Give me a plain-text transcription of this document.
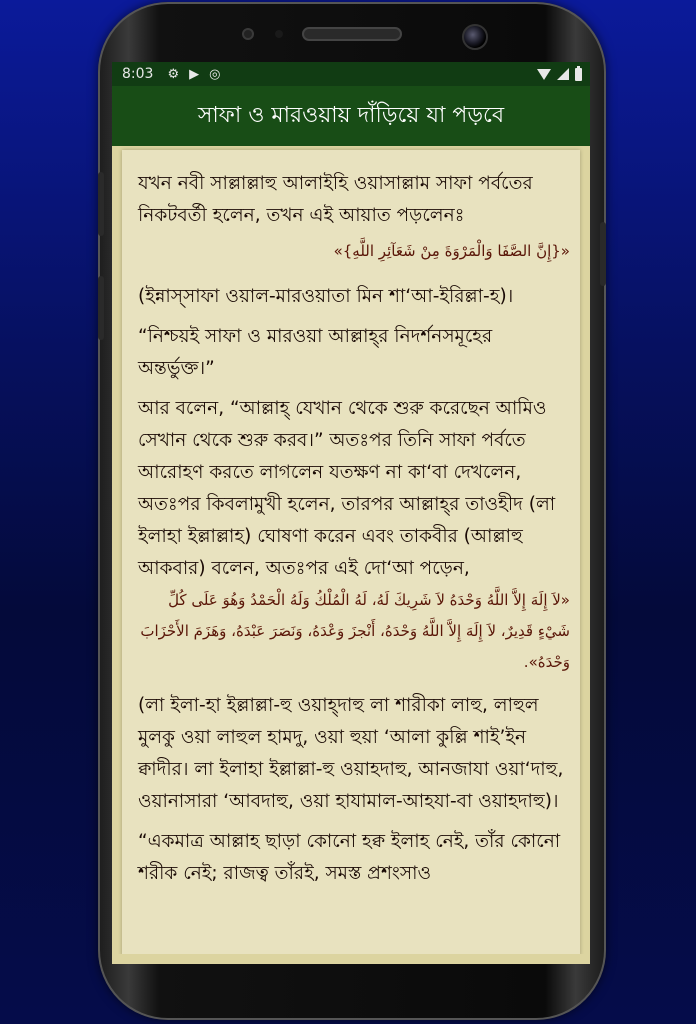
8:03 ⚙ ▶ ◎
সাফা ও মারওয়ায় দাঁড়িয়ে যা পড়বে
যখন নবী সাল্লাল্লাহু আলাইহি ওয়াসাল্লাম সাফা পর্বতের নিকটবর্তী হলেন, তখন এই আয়াত পড়লেনঃ
«{إِنَّ الصَّفَا وَالْمَرْوَةَ مِنْ شَعَآئِرِ اللَّهِ}»
(ইন্নাস্সাফা ওয়াল-মারওয়াতা মিন শা‘আ-ইরিল্লা-হ)।
“নিশ্চয়ই সাফা ও মারওয়া আল্লাহ্‌র নিদর্শনসমূহের অন্তর্ভুক্ত।”
আর বলেন, “আল্লাহ্‌ যেখান থেকে শুরু করেছেন আমিও সেখান থেকে শুরু করব।” অতঃপর তিনি সাফা পর্বতে আরোহণ করতে লাগলেন যতক্ষণ না কা‘বা দেখলেন, অতঃপর কিবলামুখী হলেন, তারপর আল্লাহ্‌র তাওহীদ (লা ইলাহা ইল্লাল্লাহ) ঘোষণা করেন এবং তাকবীর (আল্লাহু আকবার) বলেন, অতঃপর এই দো‘আ পড়েন,
«لاَ إِلَهَ إِلاَّ اللَّهُ وَحْدَهُ لاَ شَرِيكَ لَهُ، لَهُ الْمُلْكُ وَلَهُ الْحَمْدُ وَهُوَ عَلَى كُلِّ شَيْءٍ قَدِيرٌ، لاَ إِلَهَ إِلاَّ اللَّهُ وَحْدَهُ، أَنْجزَ وَعْدَهُ، وَنَصَرَ عَبْدَهُ، وَهَزَمَ الأَحْزَابَ وَحْدَهُ».
(লা ইলা-হা ইল্লাল্লা-হু ওয়াহ্‌দাহু লা শারীকা লাহু, লাহুল মুলকু ওয়া লাহুল হামদু, ওয়া হুয়া ‘আলা কুল্লি শাই’ইন ক্বাদীর। লা ইলাহা ইল্লাল্লা-হু ওয়াহদাহু, আনজাযা ওয়া‘দাহু, ওয়ানাসারা ‘আবদাহু, ওয়া হাযামাল-আহযা-বা ওয়াহদাহু)।
“একমাত্র আল্লাহ ছাড়া কোনো হক্ব ইলাহ নেই, তাঁর কোনো শরীক নেই; রাজত্ব তাঁরই, সমস্ত প্রশংসাও
